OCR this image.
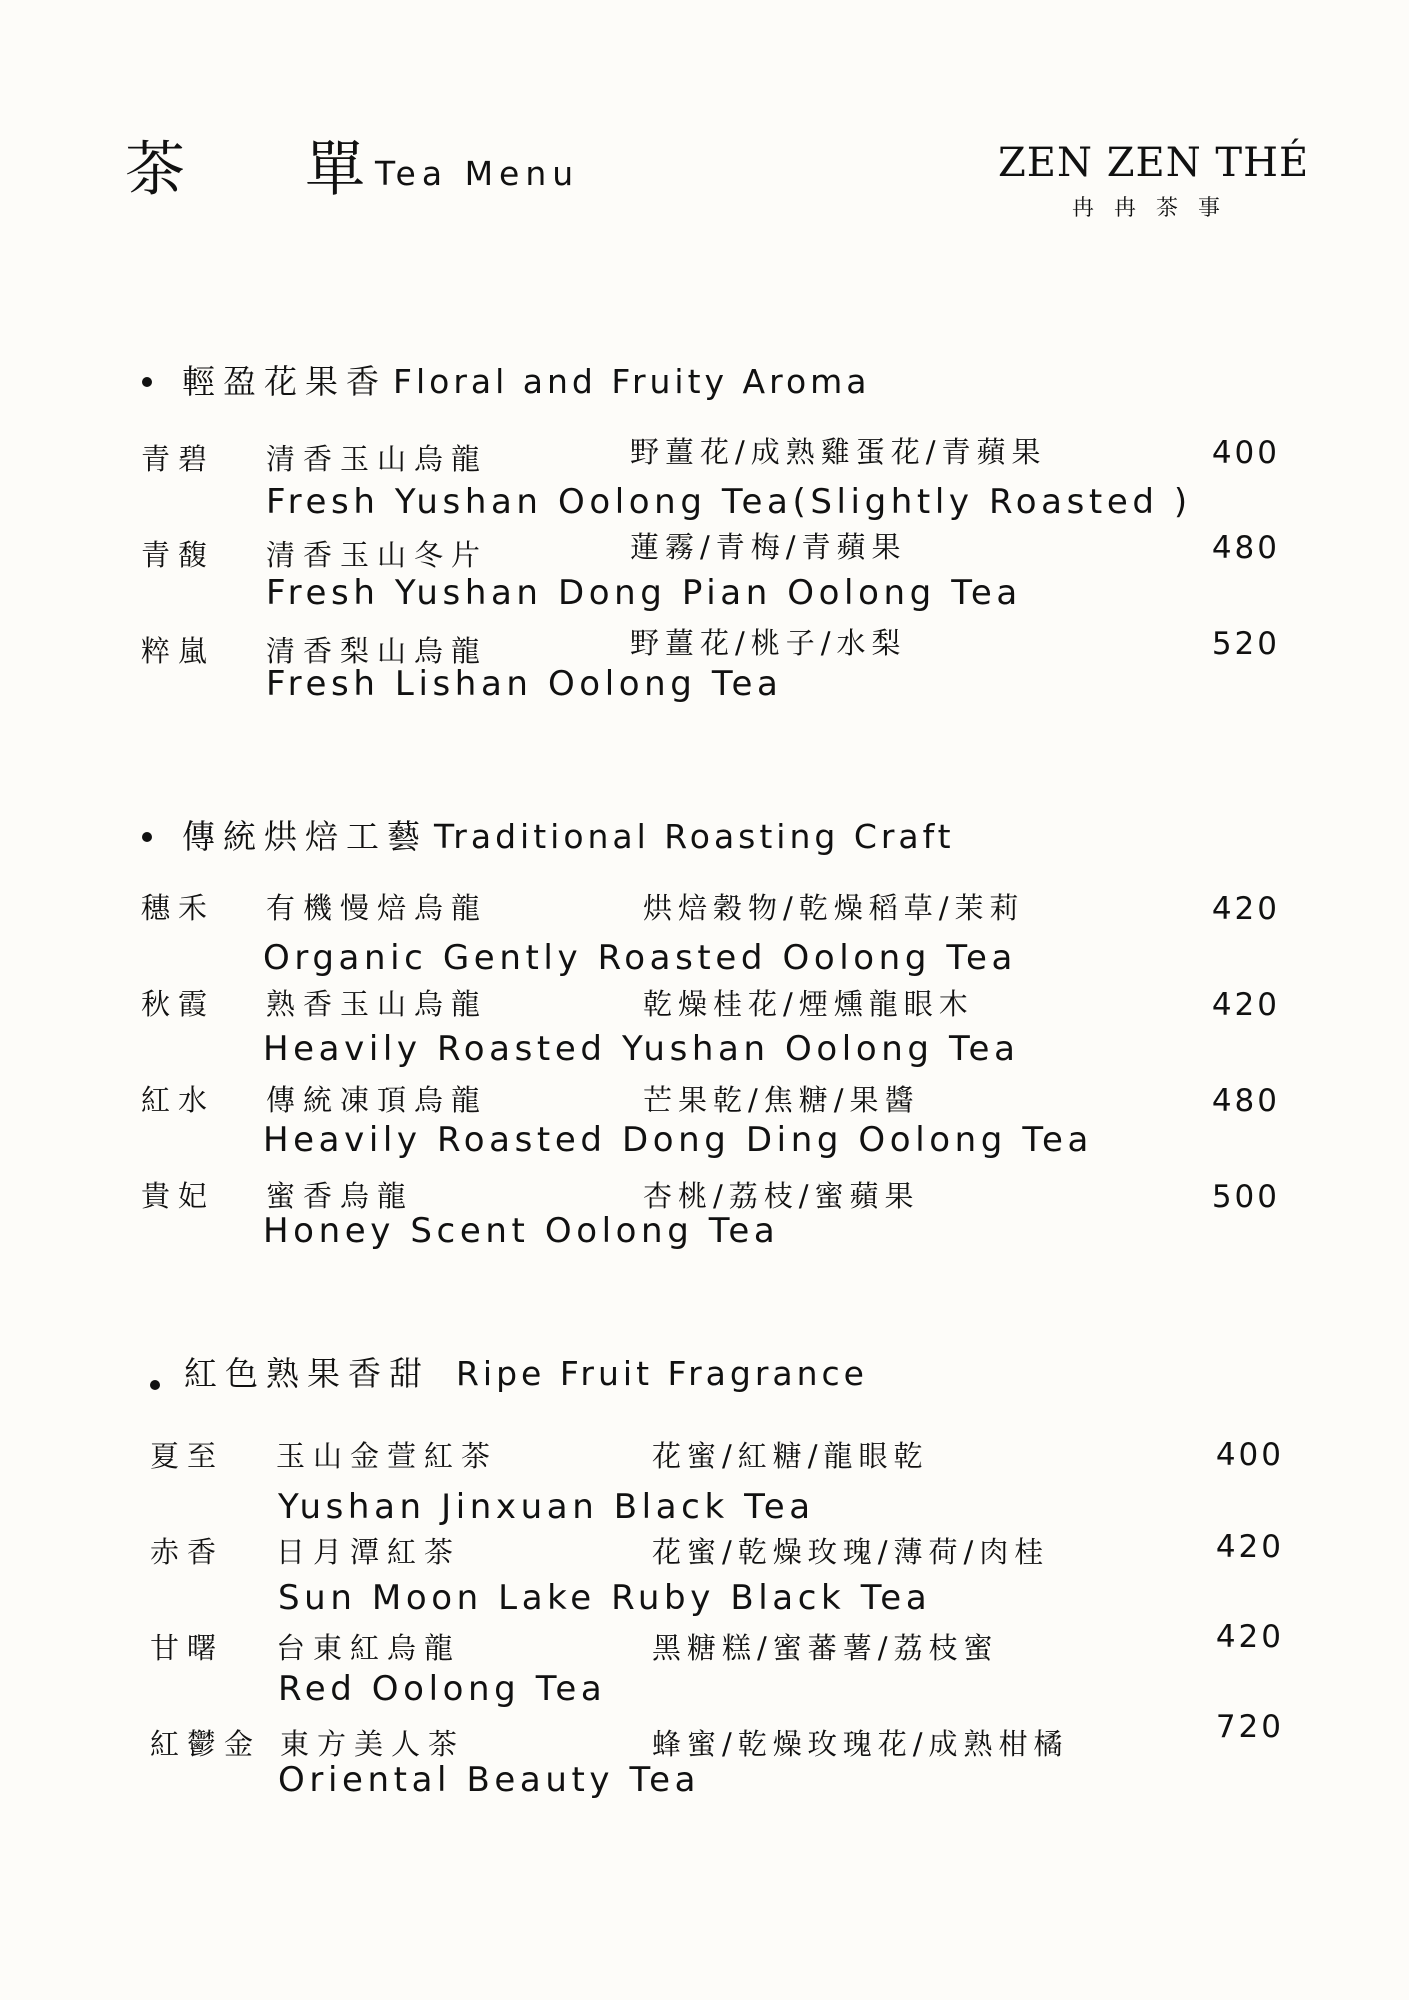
茶　　單 Tea Menu	ZEN ZEN THÉ
冉冉茶事
輕盈花果香 Floral and Fruity Aroma
青碧 清香玉山烏龍	野薑花/成熟雞蛋花/青蘋果	400
Fresh Yushan Oolong Tea(Slightly Roasted )
青馥 清香玉山冬片	蓮霧/青梅/青蘋果	480
Fresh Yushan Dong Pian Oolong Tea
粹嵐 清香梨山烏龍	野薑花/桃子/水梨	520
Fresh Lishan Oolong Tea
傳統烘焙工藝 Traditional Roasting Craft
穗禾 有機慢焙烏龍	烘焙穀物/乾燥稻草/茉莉	420
Organic Gently Roasted Oolong Tea
秋霞 熟香玉山烏龍	乾燥桂花/煙燻龍眼木	420
Heavily Roasted Yushan Oolong Tea
紅水 傳統凍頂烏龍	芒果乾/焦糖/果醬	480
Heavily Roasted Dong Ding Oolong Tea
貴妃 蜜香烏龍	杏桃/荔枝/蜜蘋果	500
Honey Scent Oolong Tea
紅色熟果香甜 Ripe Fruit Fragrance
夏至 玉山金萱紅茶	花蜜/紅糖/龍眼乾	400
Yushan Jinxuan Black Tea
赤香 日月潭紅茶	花蜜/乾燥玫瑰/薄荷/肉桂	420
Sun Moon Lake Ruby Black Tea
甘曙 台東紅烏龍	黑糖糕/蜜蕃薯/荔枝蜜	420
Red Oolong Tea
紅鬱金 東方美人茶	蜂蜜/乾燥玫瑰花/成熟柑橘	720
Oriental Beauty Tea
